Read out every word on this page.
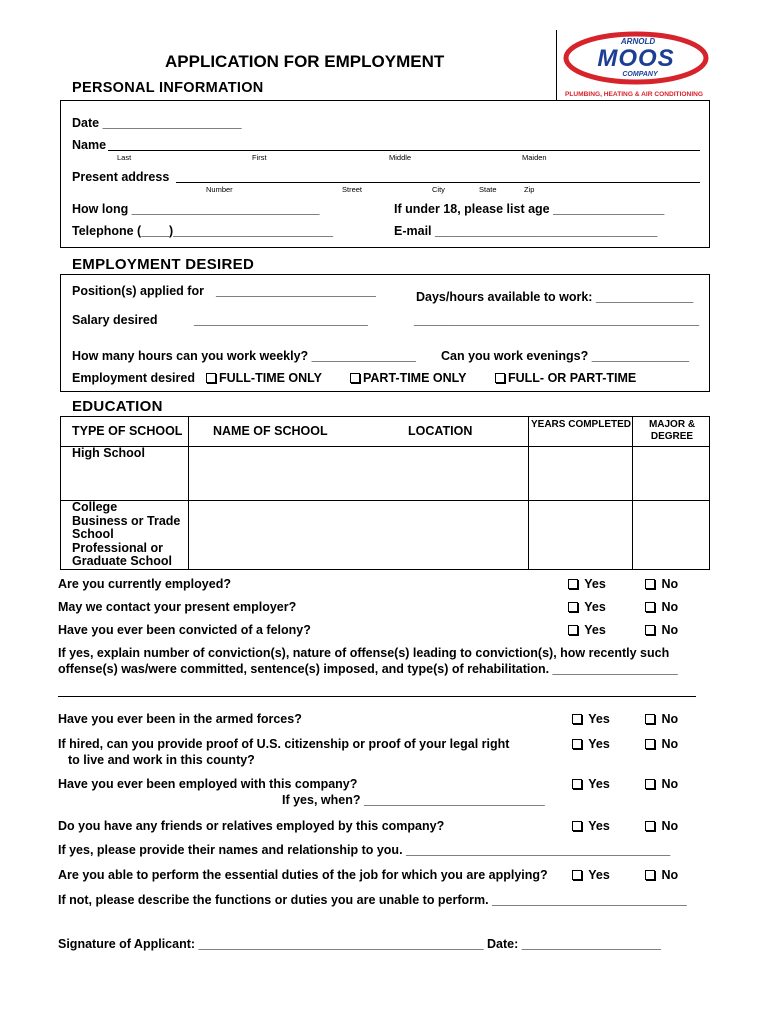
APPLICATION FOR EMPLOYMENT
PERSONAL INFORMATION
ARNOLD
MOOS
COMPANY
PLUMBING, HEATING & AIR CONDITIONING
Date ____________________
Name
Last	First	Middle	Maiden
Present address
Number	Street	City	State	Zip
How long ___________________________	If under 18, please list age ________________
Telephone (____)_______________________	E-mail ________________________________
EMPLOYMENT DESIRED
Position(s) applied for _______________________	Days/hours available to work: ______________
Salary desired	_________________________	_________________________________________
How many hours can you work weekly? _______________ Can you work evenings? ______________
Employment desired	FULL-TIME ONLY	PART-TIME ONLY	FULL- OR PART-TIME
EDUCATION
TYPE OF SCHOOL NAME OF SCHOOL	LOCATION	YEARS COMPLETED	MAJOR & DEGREE
High School
College
Business or Trade
School
Professional or
Graduate School
Are you currently employed?	Yes	No
May we contact your present employer?	Yes	No
Have you ever been convicted of a felony?	Yes	No
If yes, explain number of conviction(s), nature of offense(s) leading to conviction(s), how recently such
offense(s) was/were committed, sentence(s) imposed, and type(s) of rehabilitation. __________________
Have you ever been in the armed forces?	Yes	No
If hired, can you provide proof of U.S. citizenship or proof of your legal right
to live and work in this county?
Yes	No
Have you ever been employed with this company?
If yes, when? __________________________
Yes	No
Do you have any friends or relatives employed by this company?	Yes	No
If yes, please provide their names and relationship to you. ______________________________________
Are you able to perform the essential duties of the job for which you are applying?	Yes	No
If not, please describe the functions or duties you are unable to perform. ____________________________
Signature of Applicant: _________________________________________ Date: ____________________
